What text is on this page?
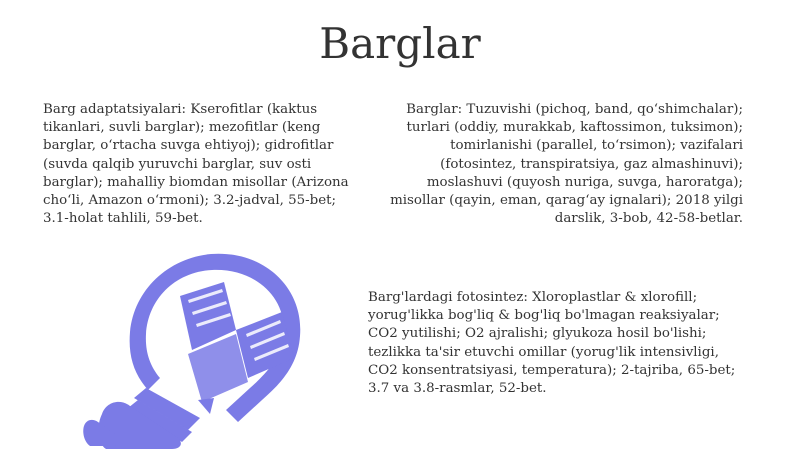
Barglar
Barg adaptatsiyalari: Kserofitlar (kaktus tikanlari, suvli barglar); mezofitlar (keng barglar, o‘rtacha suvga ehtiyoj); gidrofitlar (suvda qalqib yuruvchi barglar, suv osti barglar); mahalliy biomdan misollar (Arizona cho‘li, Amazon o‘rmoni); 3.2-jadval, 55-bet; 3.1-holat tahlili, 59-bet.
Barglar: Tuzuvishi (pichoq, band, qo‘shimchalar); turlari (oddiy, murakkab, kaftossimon, tuksimon); tomirlanishi (parallel, to‘rsimon); vazifalari (fotosintez, transpiratsiya, gaz almashinuvi); moslashuvi (quyosh nuriga, suvga, haroratga); misollar (qayin, eman, qarag‘ay ignalari); 2018 yilgi darslik, 3-bob, 42-58-betlar.
Barg'lardagi fotosintez: Xloroplastlar & xlorofill; yorug'likka bog'liq & bog'liq bo'lmagan reaksiyalar; CO2 yutilishi; O2 ajralishi; glyukoza hosil bo'lishi; tezlikka ta'sir etuvchi omillar (yorug'lik intensivligi, CO2 konsentratsiyasi, temperatura); 2-tajriba, 65-bet; 3.7 va 3.8-rasmlar, 52-bet.
